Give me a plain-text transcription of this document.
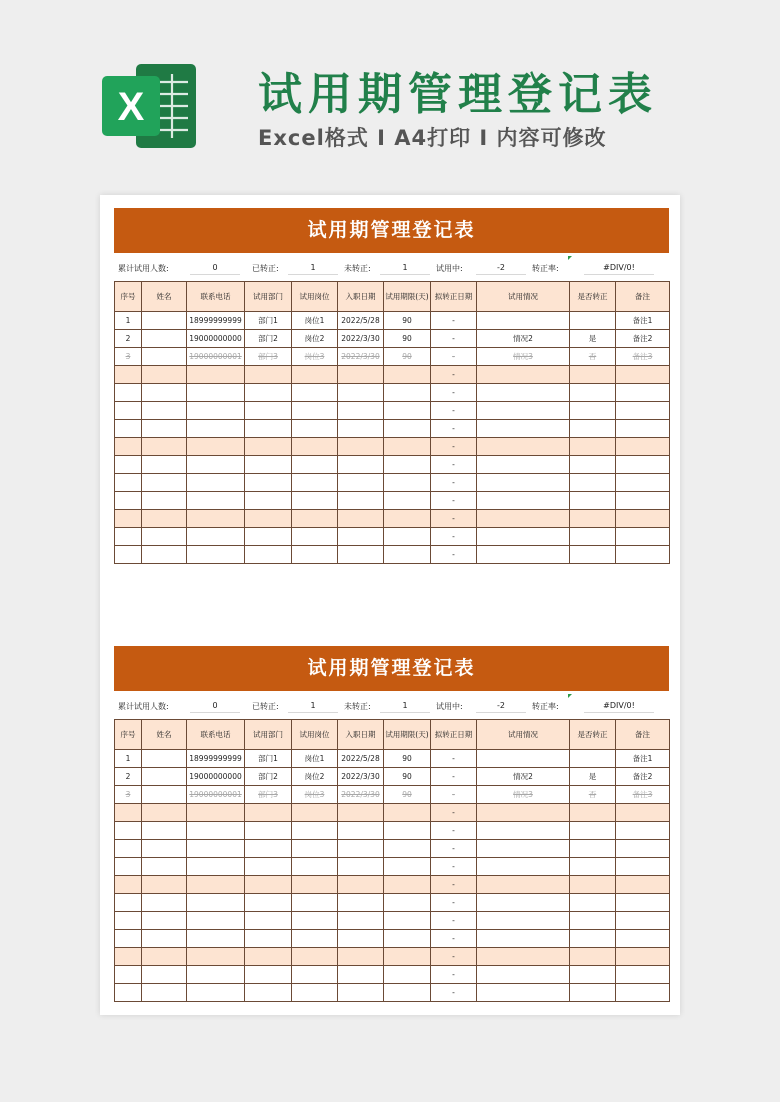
X	试用期管理登记表
Excel格式 I A4打印 I 内容可修改
试用期管理登记表
累计试用人数:	0	已转正:	1	未转正:	1	试用中:	-2	转正率:	#DIV/0!
序号	姓名	联系电话	试用部门	试用岗位	入职日期	试用期限(天)	拟转正日期	试用情况	是否转正	备注
1		18999999999	部门1	岗位1	2022/5/28	90	-			备注1
2		19000000000	部门2	岗位2	2022/3/30	90	-	情况2	是	备注2
3		19000000001	部门3	岗位3	2022/3/30	90	-	情况3	否	备注3
							-			
							-			
							-			
							-			
							-			
							-			
							-			
							-			
							-			
							-			
							-			
试用期管理登记表
累计试用人数:	0	已转正:	1	未转正:	1	试用中:	-2	转正率:	#DIV/0!
序号	姓名	联系电话	试用部门	试用岗位	入职日期	试用期限(天)	拟转正日期	试用情况	是否转正	备注
1		18999999999	部门1	岗位1	2022/5/28	90	-			备注1
2		19000000000	部门2	岗位2	2022/3/30	90	-	情况2	是	备注2
3		19000000001	部门3	岗位3	2022/3/30	90	-	情况3	否	备注3
							-			
							-			
							-			
							-			
							-			
							-			
							-			
							-			
							-			
							-			
							-			
